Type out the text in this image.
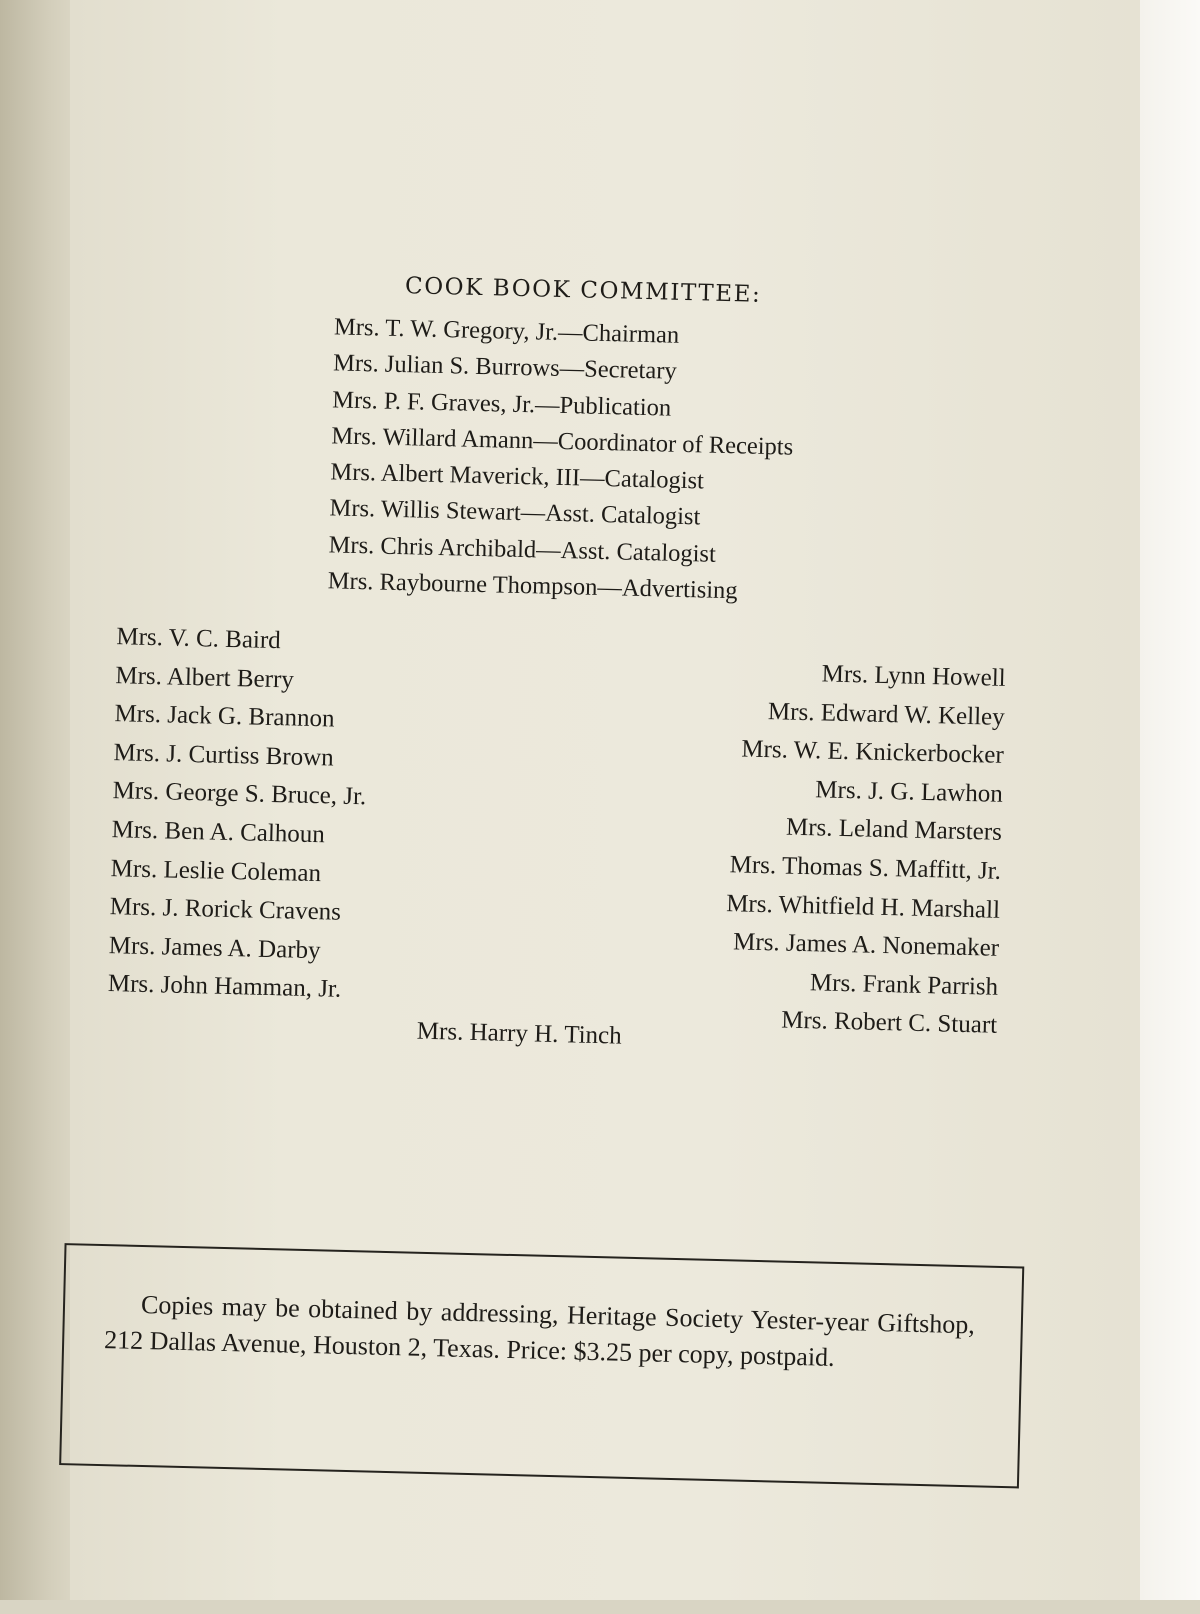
COOK BOOK COMMITTEE:
Mrs. T. W. Gregory, Jr.—Chairman
Mrs. Julian S. Burrows—Secretary
Mrs. P. F. Graves, Jr.—Publication
Mrs. Willard Amann—Coordinator of Receipts
Mrs. Albert Maverick, III—Catalogist
Mrs. Willis Stewart—Asst. Catalogist
Mrs. Chris Archibald—Asst. Catalogist
Mrs. Raybourne Thompson—Advertising
Mrs. V. C. Baird
Mrs. Albert Berry
Mrs. Jack G. Brannon
Mrs. J. Curtiss Brown
Mrs. George S. Bruce, Jr.
Mrs. Ben A. Calhoun
Mrs. Leslie Coleman
Mrs. J. Rorick Cravens
Mrs. James A. Darby
Mrs. John Hamman, Jr.
Mrs. Lynn Howell
Mrs. Edward W. Kelley
Mrs. W. E. Knickerbocker
Mrs. J. G. Lawhon
Mrs. Leland Marsters
Mrs. Thomas S. Maffitt, Jr.
Mrs. Whitfield H. Marshall
Mrs. James A. Nonemaker
Mrs. Frank Parrish
Mrs. Robert C. Stuart

Mrs. Harry H. Tinch

Copies may be obtained by addressing, Heritage Society Yester-year Giftshop, 212 Dallas Avenue, Houston 2, Texas. Price: $3.25 per copy, postpaid.
